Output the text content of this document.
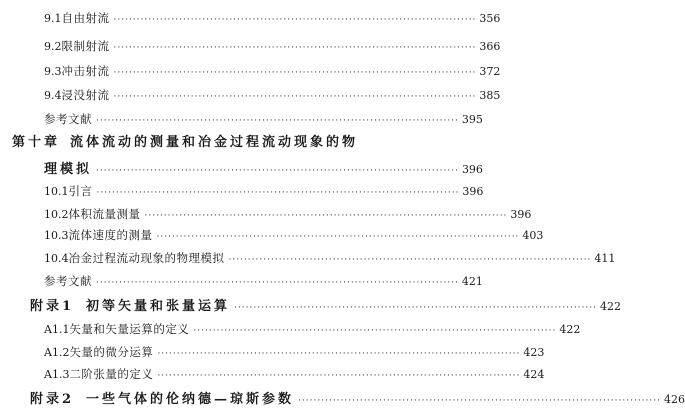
9.1 自由射流 ······························································································ 356
9.2 限制射流 ······························································································ 366
9.3 冲击射流 ······························································································ 372
9.4 浸没射流 ······························································································ 385
参考文献 ······························································································ 395
第十章 流体流动的测量和冶金过程流动现象的物
理模拟 ······························································································ 396
10.1 引言 ······························································································ 396
10.2 体积流量测量 ······························································································ 396
10.3 流体速度的测量 ······························································································ 403
10.4 冶金过程流动现象的物理模拟 ······························································································ 411
参考文献 ······························································································ 421
附录1 初等矢量和张量运算 ······························································································ 422
A1.1 矢量和矢量运算的定义 ······························································································ 422
A1.2 矢量的微分运算 ······························································································ 423
A1.3 二阶张量的定义 ······························································································ 424
附录2 一些气体的伦纳德—琼斯参数 ······························································································ 426
